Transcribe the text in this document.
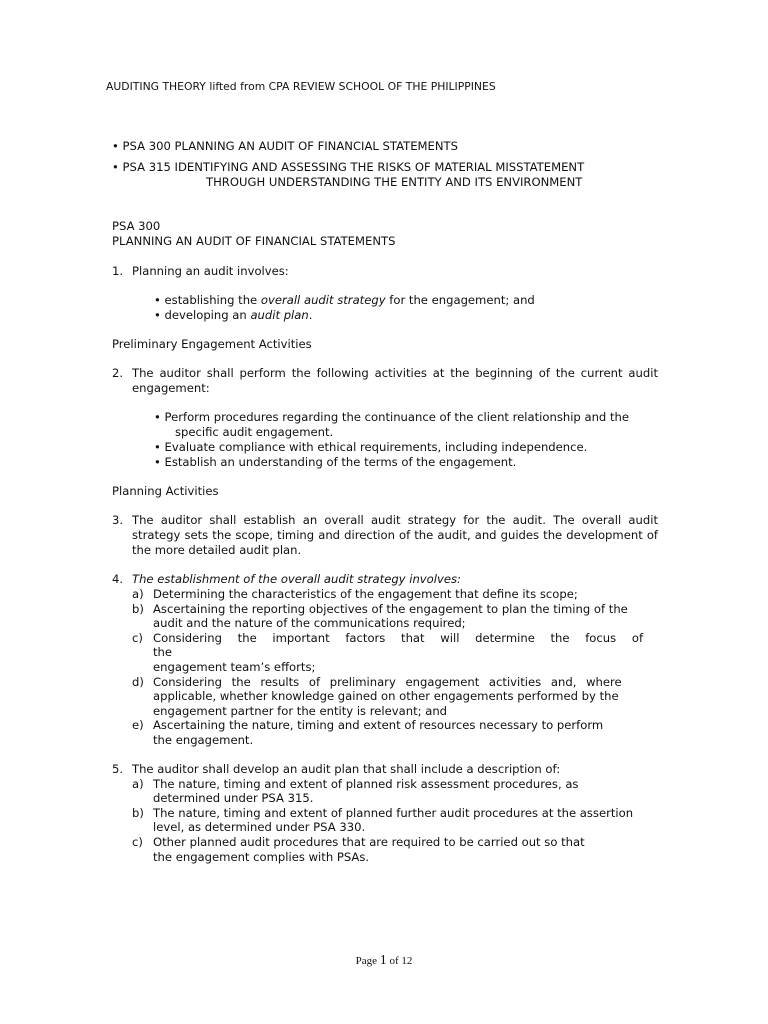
AUDITING THEORY lifted from CPA REVIEW SCHOOL OF THE PHILIPPINES
• PSA 300 PLANNING AN AUDIT OF FINANCIAL STATEMENTS
• PSA 315 IDENTIFYING AND ASSESSING THE RISKS OF MATERIAL MISSTATEMENT
THROUGH UNDERSTANDING THE ENTITY AND ITS ENVIRONMENT
PSA 300
PLANNING AN AUDIT OF FINANCIAL STATEMENTS
1. Planning an audit involves:
• establishing the overall audit strategy for the engagement; and
• developing an audit plan.
Preliminary Engagement Activities
2. The auditor shall perform the following activities at the beginning of the current audit engagement:
• Perform procedures regarding the continuance of the client relationship and the
specific audit engagement.
• Evaluate compliance with ethical requirements, including independence.
• Establish an understanding of the terms of the engagement.
Planning Activities
3. The auditor shall establish an overall audit strategy for the audit. The overall audit strategy sets the scope, timing and direction of the audit, and guides the development of the more detailed audit plan.
4. The establishment of the overall audit strategy involves:
a) Determining the characteristics of the engagement that define its scope;
b) Ascertaining the reporting objectives of the engagement to plan the timing of the
audit and the nature of the communications required;
c) Considering the important factors that will determine the focus of the
engagement team’s efforts;
d) Considering the results of preliminary engagement activities and, where
applicable, whether knowledge gained on other engagements performed by the
engagement partner for the entity is relevant; and
e) Ascertaining the nature, timing and extent of resources necessary to perform
the engagement.
5. The auditor shall develop an audit plan that shall include a description of:
a) The nature, timing and extent of planned risk assessment procedures, as
determined under PSA 315.
b) The nature, timing and extent of planned further audit procedures at the assertion
level, as determined under PSA 330.
c) Other planned audit procedures that are required to be carried out so that
the engagement complies with PSAs.
Page 1 of 12
